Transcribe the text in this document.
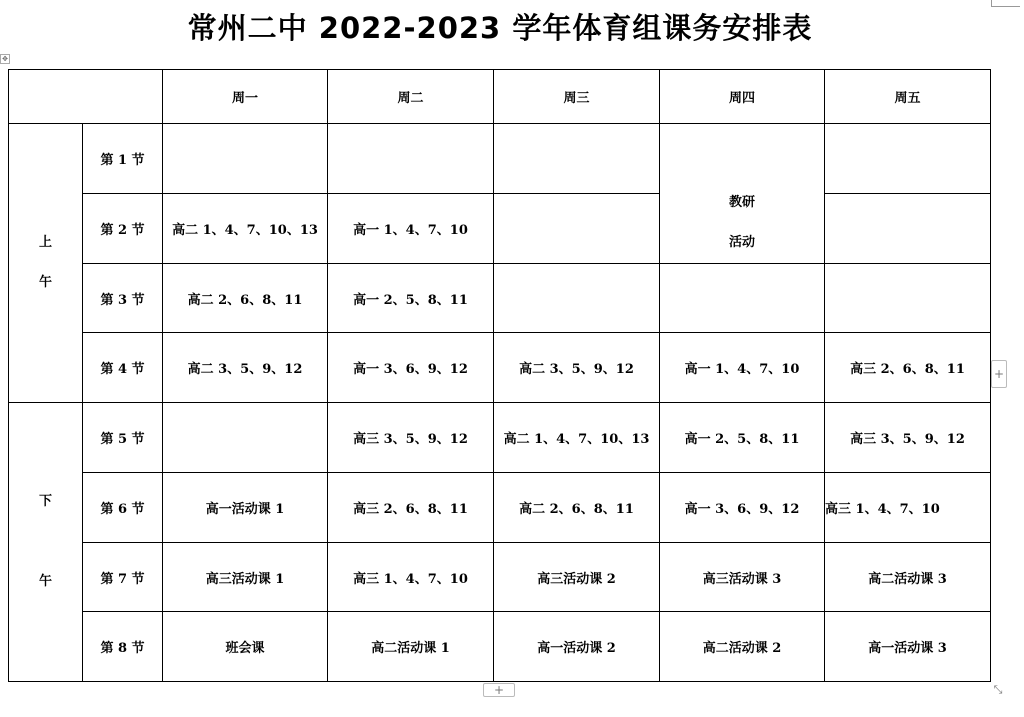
✥
常州二中 2022-2023 学年体育组课务安排表
		周一	周二	周三	周四	周五

上
午	第 1 节				教研
活动	

	第 2 节	高二 1、4、7、10、13	高一 1、4、7、10			
	第 3 节	高二 2、6、8、11	高一 2、5、8、11			
	第 4 节	高二 3、5、9、12	高一 3、6、9、12	高二 3、5、9、12	高一 1、4、7、10	高三 2、6、8、11

下
午	第 5 节		高三 3、5、9、12	高二 1、4、7、10、13	高一 2、5、8、11	高三 3、5、9、12
	第 6 节	高一活动课 1	高三 2、6、8、11	高二 2、6、8、11	高一 3、6、9、12	高三 1、4、7、10
	第 7 节	高三活动课 1	高三 1、4、7、10	高三活动课 2	高三活动课 3	高二活动课 3
	第 8 节	班会课	高二活动课 1	高一活动课 2	高二活动课 2	高一活动课 3
+
+	⤡
